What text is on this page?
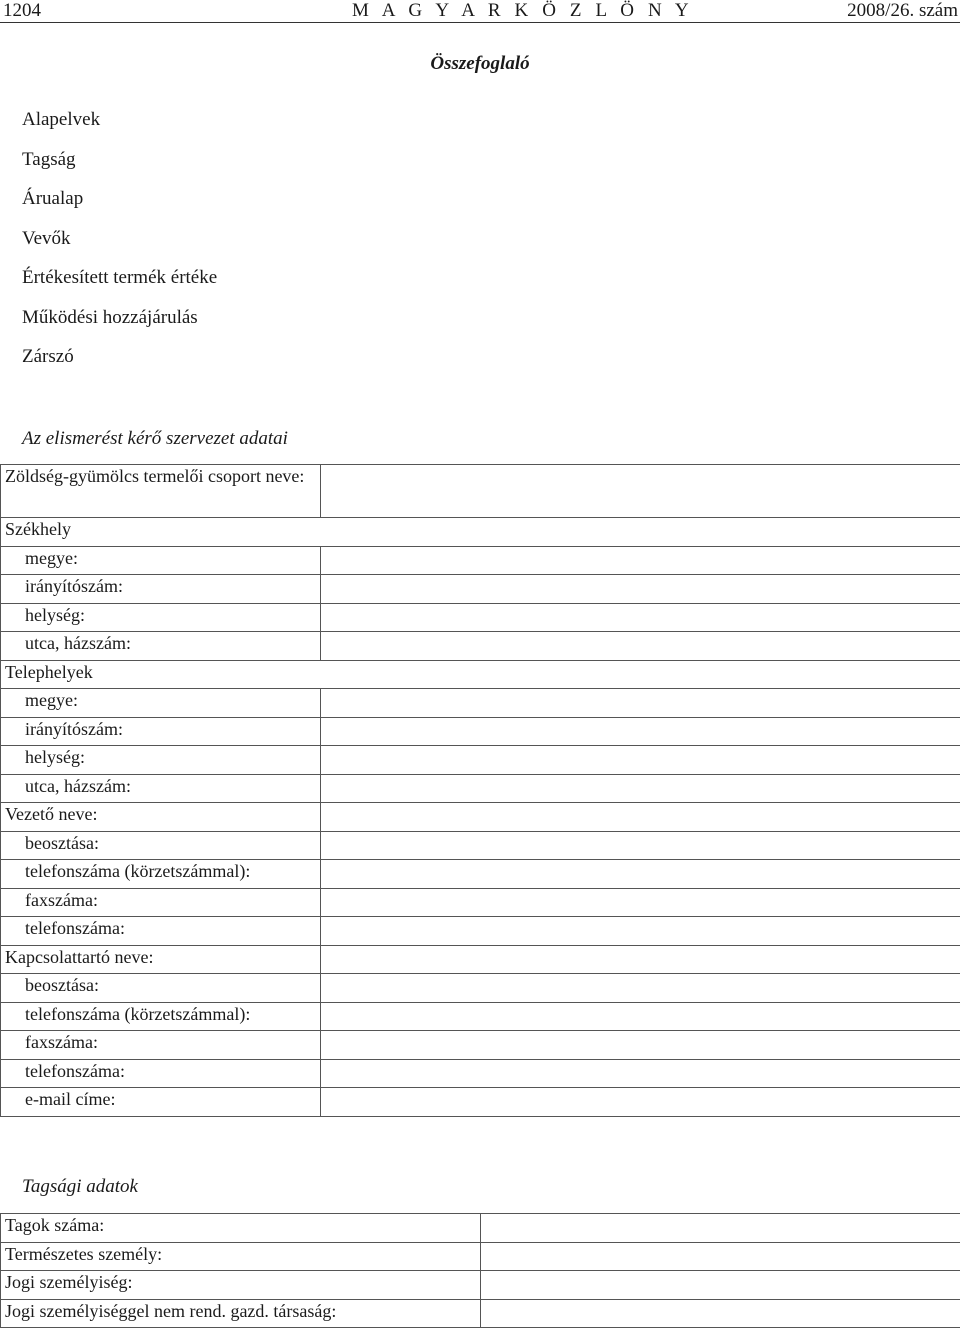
1204	M A G Y A R K Ö Z L Ö N Y	2008/26. szám
Összefoglaló
Alapelvek
Tagság
Árualap
Vevők
Értékesített termék értéke
Működési hozzájárulás
Zárszó
Az elismerést kérő szervezet adatai
Zöldség-gyümölcs termelői csoport neve:	
Székhely	
megye:	
irányítószám:	
helység:	
utca, házszám:	
Telephelyek	
megye:	
irányítószám:	
helység:	
utca, házszám:	
Vezető neve:	
beosztása:	
telefonszáma (körzetszámmal):	
faxszáma:	
telefonszáma:	
Kapcsolattartó neve:	
beosztása:	
telefonszáma (körzetszámmal):	
faxszáma:	
telefonszáma:	
e-mail címe:	
Tagsági adatok
Tagok száma:	
Természetes személy:	
Jogi személyiség:	
Jogi személyiséggel nem rend. gazd. társaság:	
